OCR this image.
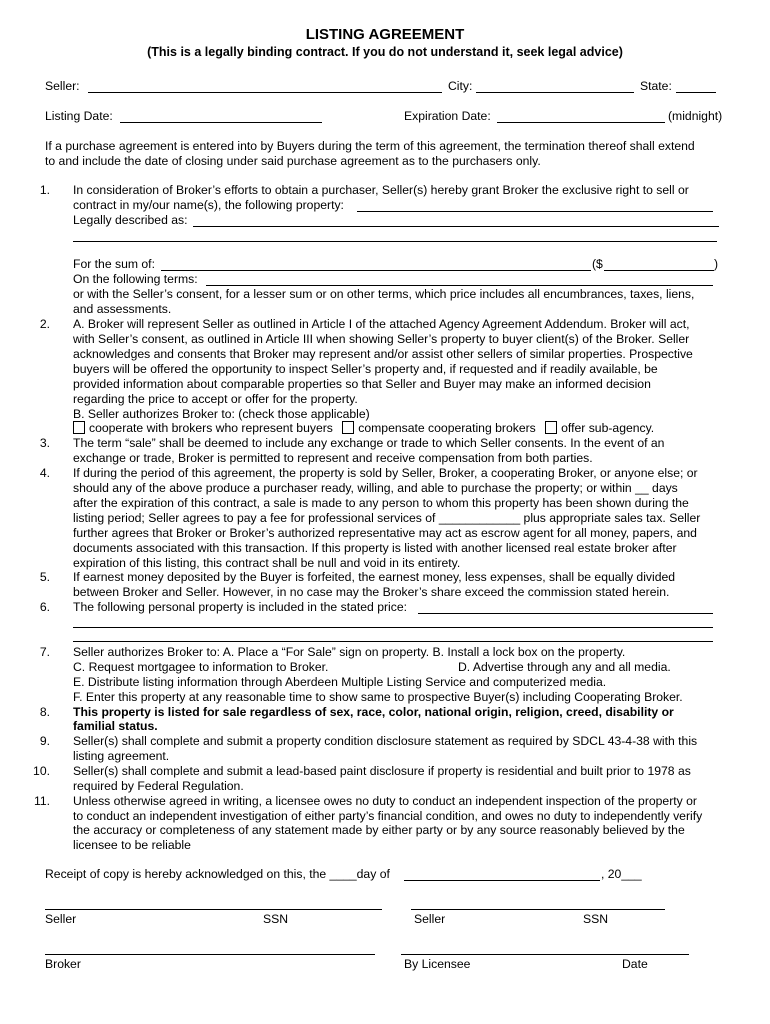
LISTING AGREEMENT
(This is a legally binding contract. If you do not understand it, seek legal advice)
Seller:	City:	State:
Listing Date:	Expiration Date:	(midnight)
If a purchase agreement is entered into by Buyers during the term of this agreement, the termination thereof shall extend
to and include the date of closing under said purchase agreement as to the purchasers only.
1. In consideration of Broker’s efforts to obtain a purchaser, Seller(s) hereby grant Broker the exclusive right to sell or
contract in my/our name(s), the following property:
Legally described as:
For the sum of:	($	)
On the following terms:
or with the Seller’s consent, for a lesser sum or on other terms, which price includes all encumbrances, taxes, liens,
and assessments.
2. A. Broker will represent Seller as outlined in Article I of the attached Agency Agreement Addendum. Broker will act,
with Seller’s consent, as outlined in Article III when showing Seller’s property to buyer client(s) of the Broker. Seller
acknowledges and consents that Broker may represent and/or assist other sellers of similar properties. Prospective
buyers will be offered the opportunity to inspect Seller’s property and, if requested and if readily available, be
provided information about comparable properties so that Seller and Buyer may make an informed decision
regarding the price to accept or offer for the property.
B. Seller authorizes Broker to: (check those applicable)
cooperate with brokers who represent buyers compensate cooperating brokers offer sub-agency.
3. The term “sale” shall be deemed to include any exchange or trade to which Seller consents. In the event of an
exchange or trade, Broker is permitted to represent and receive compensation from both parties.
4. If during the period of this agreement, the property is sold by Seller, Broker, a cooperating Broker, or anyone else; or
should any of the above produce a purchaser ready, willing, and able to purchase the property; or within __ days
after the expiration of this contract, a sale is made to any person to whom this property has been shown during the
listing period; Seller agrees to pay a fee for professional services of ____________ plus appropriate sales tax. Seller
further agrees that Broker or Broker’s authorized representative may act as escrow agent for all money, papers, and
documents associated with this transaction. If this property is listed with another licensed real estate broker after
expiration of this listing, this contract shall be null and void in its entirety.
5. If earnest money deposited by the Buyer is forfeited, the earnest money, less expenses, shall be equally divided
between Broker and Seller. However, in no case may the Broker’s share exceed the commission stated herein.
6. The following personal property is included in the stated price:
7. Seller authorizes Broker to: A. Place a “For Sale” sign on property. B. Install a lock box on the property.
C. Request mortgagee to information to Broker.	D. Advertise through any and all media.
E. Distribute listing information through Aberdeen Multiple Listing Service and computerized media.
F. Enter this property at any reasonable time to show same to prospective Buyer(s) including Cooperating Broker.
8. This property is listed for sale regardless of sex, race, color, national origin, religion, creed, disability or
familial status.
9. Seller(s) shall complete and submit a property condition disclosure statement as required by SDCL 43-4-38 with this
listing agreement.
10. Seller(s) shall complete and submit a lead-based paint disclosure if property is residential and built prior to 1978 as
required by Federal Regulation.
11. Unless otherwise agreed in writing, a licensee owes no duty to conduct an independent inspection of the property or
to conduct an independent investigation of either party’s financial condition, and owes no duty to independently verify
the accuracy or completeness of any statement made by either party or by any source reasonably believed by the
licensee to be reliable
Receipt of copy is hereby acknowledged on this, the ____day of	, 20___
Seller	SSN	Seller	SSN
Broker	By Licensee	Date
